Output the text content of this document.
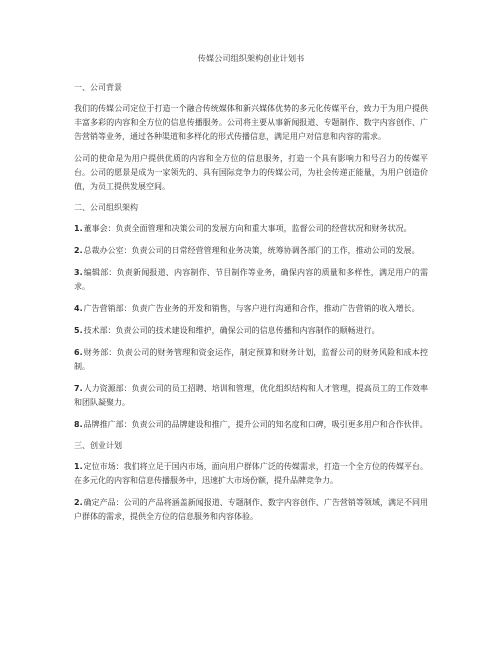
传媒公司组织架构创业计划书
一、公司背景

我们的传媒公司定位于打造一个融合传统媒体和新兴媒体优势的多元化传媒平台，致力于为用户提供丰富多彩的内容和全方位的信息传播服务。公司将主要从事新闻报道、专题制作、数字内容创作、广告营销等业务，通过各种渠道和多样化的形式传播信息，满足用户对信息和内容的需求。

公司的使命是为用户提供优质的内容和全方位的信息服务，打造一个具有影响力和号召力的传媒平台。公司的愿景是成为一家领先的、具有国际竞争力的传媒公司，为社会传递正能量，为用户创造价值，为员工提供发展空间。

二、公司组织架构

1.董事会：负责全面管理和决策公司的发展方向和重大事项，监督公司的经营状况和财务状况。

2.总裁办公室：负责公司的日常经营管理和业务决策，统筹协调各部门的工作，推动公司的发展。

3.编辑部：负责新闻报道、内容制作、节目制作等业务，确保内容的质量和多样性，满足用户的需求。

4.广告营销部：负责广告业务的开发和销售，与客户进行沟通和合作，推动广告营销的收入增长。

5.技术部：负责公司的技术建设和维护，确保公司的信息传播和内容制作的顺畅进行。

6.财务部：负责公司的财务管理和资金运作，制定预算和财务计划，监督公司的财务风险和成本控制。

7.人力资源部：负责公司的员工招聘、培训和管理，优化组织结构和人才管理，提高员工的工作效率和团队凝聚力。

8.品牌推广部：负责公司的品牌建设和推广，提升公司的知名度和口碑，吸引更多用户和合作伙伴。

三、创业计划

1.定位市场：我们将立足于国内市场，面向用户群体广泛的传媒需求，打造一个全方位的传媒平台。在多元化的内容和信息传播服务中，迅速扩大市场份额，提升品牌竞争力。

2.确定产品：公司的产品将涵盖新闻报道、专题制作、数字内容创作、广告营销等领域，满足不同用户群体的需求，提供全方位的信息服务和内容体验。
